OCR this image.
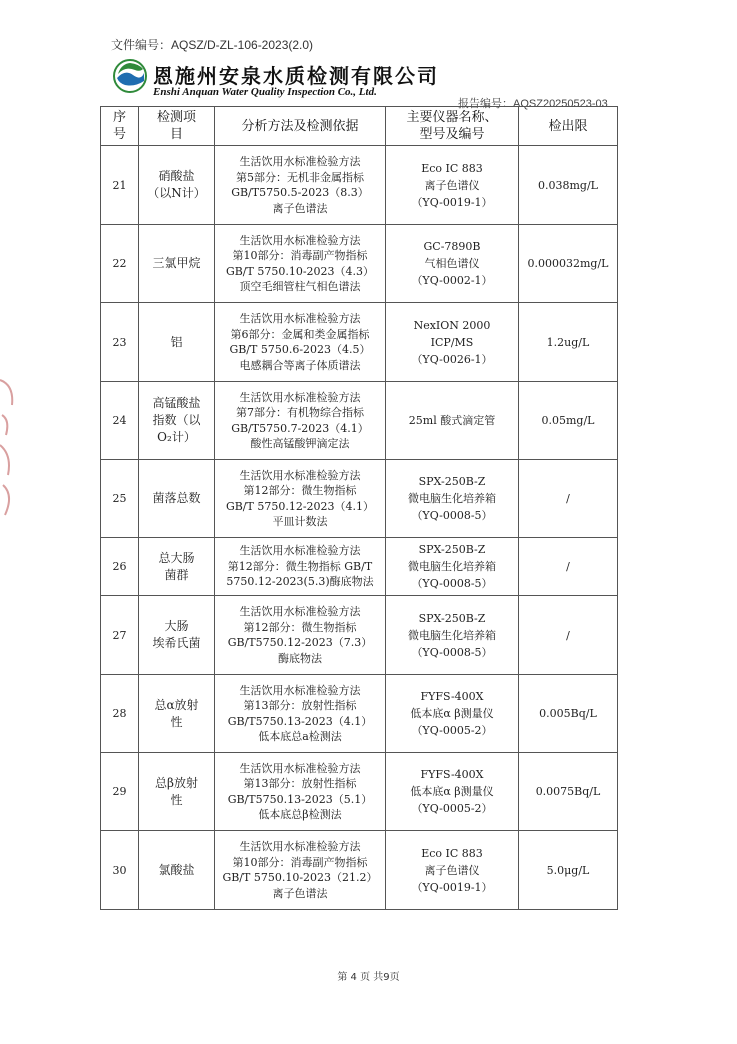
文件编号：AQSZ/D-ZL-106-2023(2.0)
恩施州安泉水质检测有限公司
Enshi Anquan Water Quality Inspection Co., Ltd.
报告编号：AQSZ20250523-03
序
号	检测项
目	分析方法及检测依据	主要仪器名称、
型号及编号	检出限
21	硝酸盐
（以N计）	生活饮用水标准检验方法
第5部分：无机非金属指标
GB/T5750.5-2023（8.3）
离子色谱法	Eco IC 883
离子色谱仪
（YQ-0019-1）	0.038mg/L
22	三氯甲烷	生活饮用水标准检验方法
第10部分：消毒副产物指标
GB/T 5750.10-2023（4.3）
顶空毛细管柱气相色谱法	GC-7890B
气相色谱仪
（YQ-0002-1）	0.000032mg/L
23	铝	生活饮用水标准检验方法
第6部分：金属和类金属指标
GB/T 5750.6-2023（4.5）
电感耦合等离子体质谱法	NexION 2000
ICP/MS
（YQ-0026-1）	1.2ug/L
24	高锰酸盐
指数（以
O₂计）	生活饮用水标准检验方法
第7部分：有机物综合指标
GB/T5750.7-2023（4.1）
酸性高锰酸钾滴定法	25ml 酸式滴定管	0.05mg/L
25	菌落总数	生活饮用水标准检验方法
第12部分：微生物指标
GB/T 5750.12-2023（4.1）
平皿计数法	SPX-250B-Z
微电脑生化培养箱
（YQ-0008-5）	/
26	总大肠
菌群	生活饮用水标准检验方法
第12部分：微生物指标 GB/T
5750.12-2023(5.3)酶底物法	SPX-250B-Z
微电脑生化培养箱
（YQ-0008-5）	/
27	大肠
埃希氏菌	生活饮用水标准检验方法
第12部分：微生物指标
GB/T5750.12-2023（7.3）
酶底物法	SPX-250B-Z
微电脑生化培养箱
（YQ-0008-5）	/
28	总α放射
性	生活饮用水标准检验方法
第13部分：放射性指标
GB/T5750.13-2023（4.1）
低本底总a检测法	FYFS-400X
低本底α β测量仪
（YQ-0005-2）	0.005Bq/L
29	总β放射
性	生活饮用水标准检验方法
第13部分：放射性指标
GB/T5750.13-2023（5.1）
低本底总β检测法	FYFS-400X
低本底α β测量仪
（YQ-0005-2）	0.0075Bq/L
30	氯酸盐	生活饮用水标准检验方法
第10部分：消毒副产物指标
GB/T 5750.10-2023（21.2）
离子色谱法	Eco IC 883
离子色谱仪
（YQ-0019-1）	5.0μg/L
第 4 页 共9页
